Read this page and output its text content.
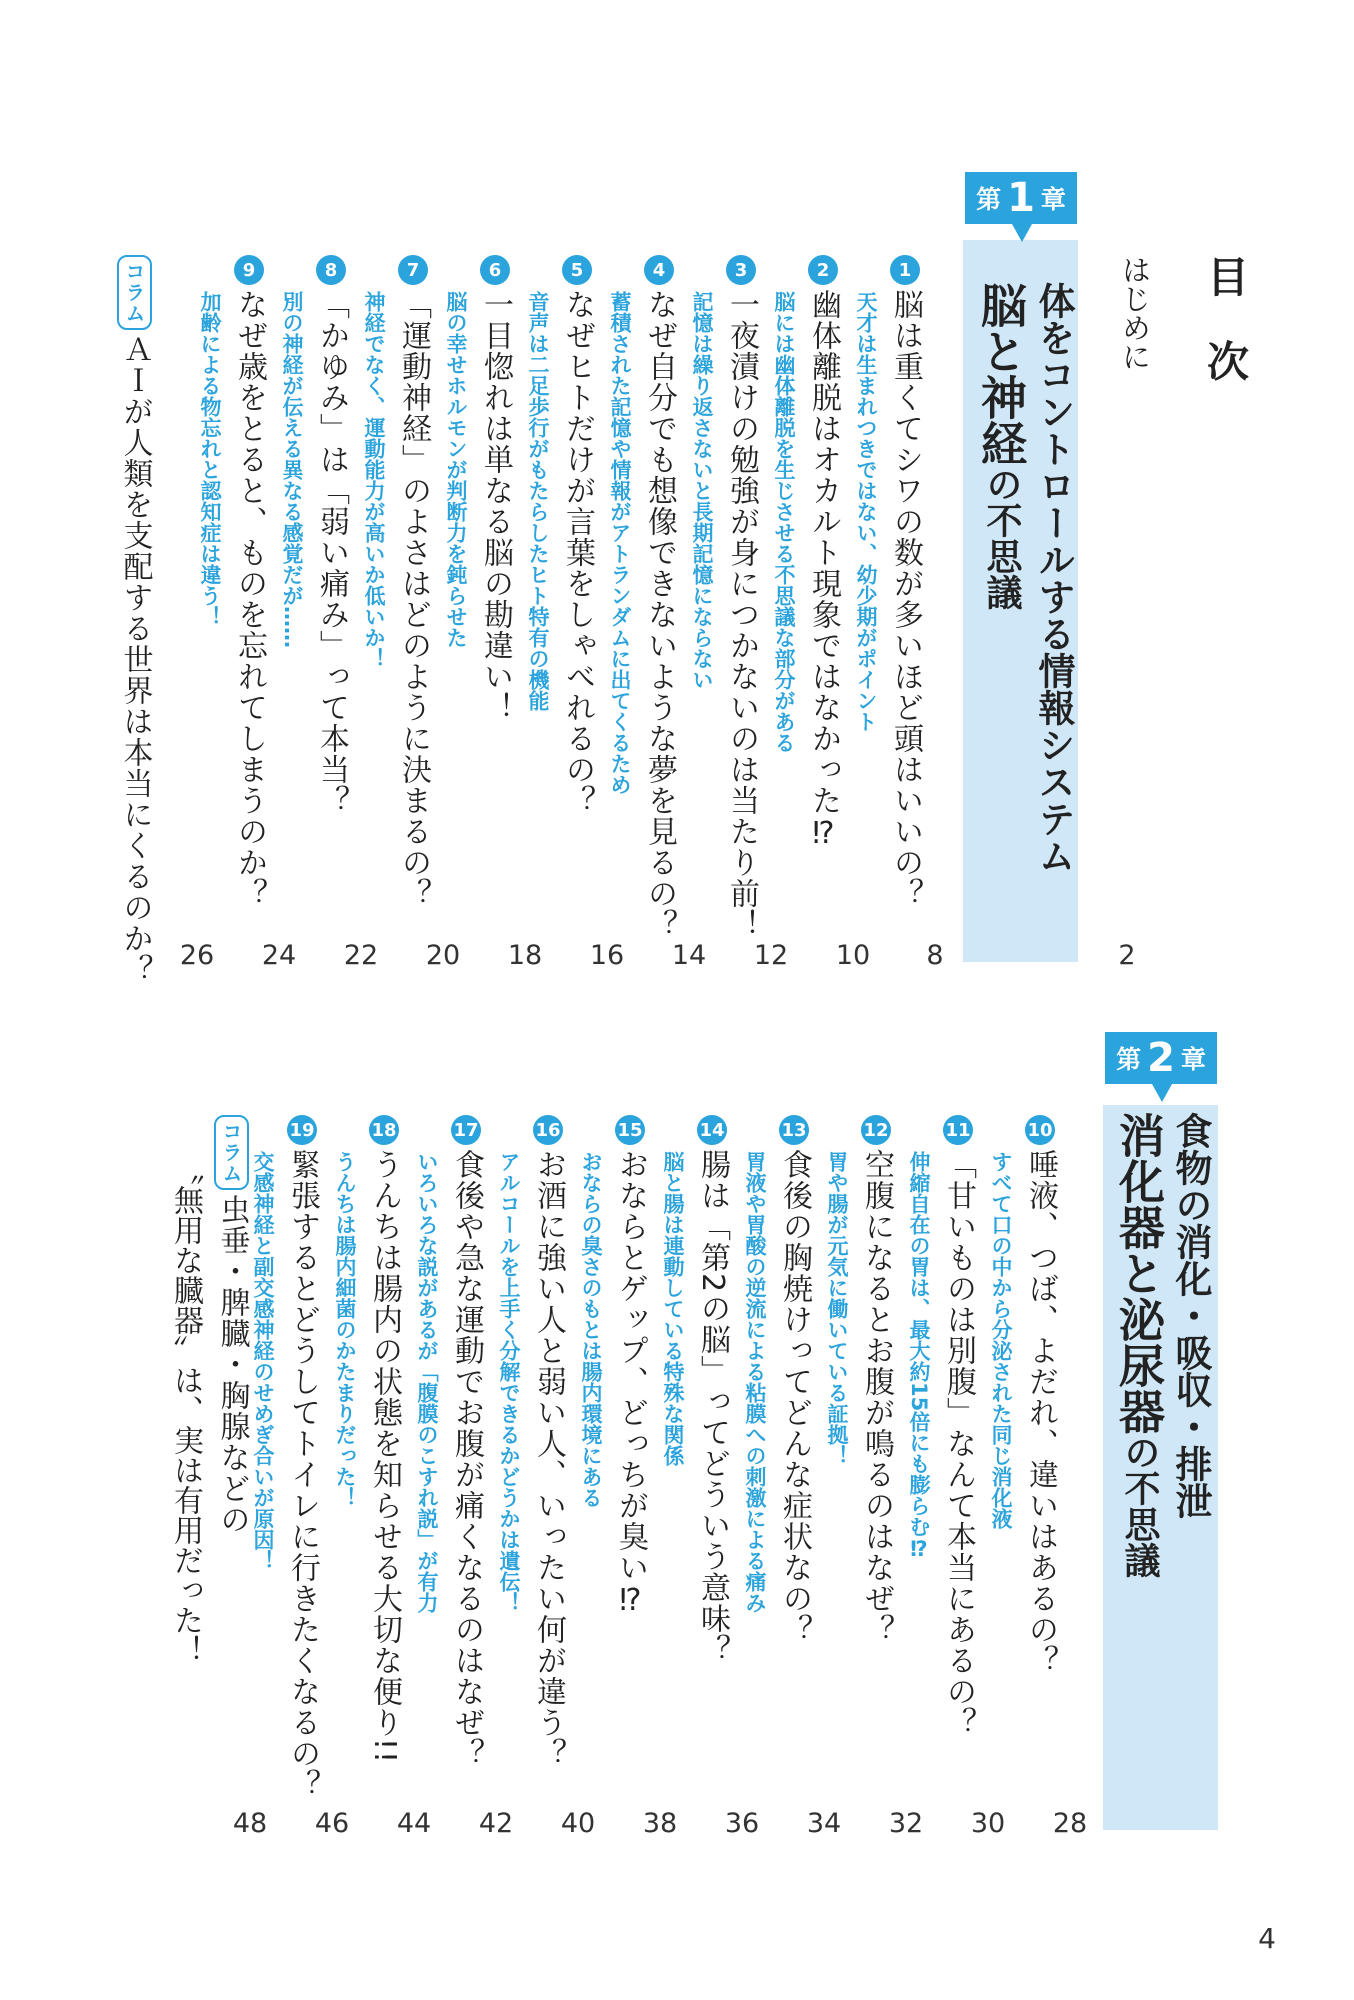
目 次
はじめに
2
第 1 章
体をコントロールする情報システム
脳と神経の不思議
1
脳は重くてシワの数が多いほど頭はいいの？
天才は生まれつきではない、幼少期がポイント
8
2
幽体離脱はオカルト現象ではなかった⁉
脳には幽体離脱を生じさせる不思議な部分がある
10
3
一夜漬けの勉強が身につかないのは当たり前！
記憶は繰り返さないと長期記憶にならない
12
4
なぜ自分でも想像できないような夢を見るの？
蓄積された記憶や情報がアトランダムに出てくるため
14
5
なぜヒトだけが言葉をしゃべれるの？
音声は二足歩行がもたらしたヒト特有の機能
16
6
一目惚れは単なる脳の勘違い！
脳の幸せホルモンが判断力を鈍らせた
18
7
「運動神経」のよさはどのように決まるの？
神経でなく、運動能力が高いか低いか！
20
8
「かゆみ」は「弱い痛み」って本当？
別の神経が伝える異なる感覚だが……
22
9
なぜ歳をとると、ものを忘れてしまうのか？
加齢による物忘れと認知症は違う！
24
コラム
ＡＩが人類を支配する世界は本当にくるのか？	26
第 2 章
食物の消化・吸収・排泄
消化器と泌尿器の不思議
10
唾液、つば、よだれ、違いはあるの？
すべて口の中から分泌された同じ消化液
28
11
「甘いものは別腹」なんて本当にあるの？
伸縮自在の胃は、最大約15倍にも膨らむ⁉
30
12
空腹になるとお腹が鳴るのはなぜ？
胃や腸が元気に働いている証拠！
32
13
食後の胸焼けってどんな症状なの？
胃液や胃酸の逆流による粘膜への刺激による痛み
34
14
腸は「第2の脳」ってどういう意味？
脳と腸は連動している特殊な関係
36
15
おならとゲップ、どっちが臭い⁉
おならの臭さのもとは腸内環境にある
38
16
お酒に強い人と弱い人、いったい何が違う？
アルコールを上手く分解できるかどうかは遺伝！
40
17
食後や急な運動でお腹が痛くなるのはなぜ？
いろいろな説があるが「腹膜のこすれ説」が有力
42
18
うんちは腸内の状態を知らせる大切な便り!!
うんちは腸内細菌のかたまりだった！
44
19
緊張するとどうしてトイレに行きたくなるの？
交感神経と副交感神経のせめぎ合いが原因！
46
コラム
虫垂・脾臓・胸腺などの
〝無用な臓器〟は、実は有用だった！
48
4
